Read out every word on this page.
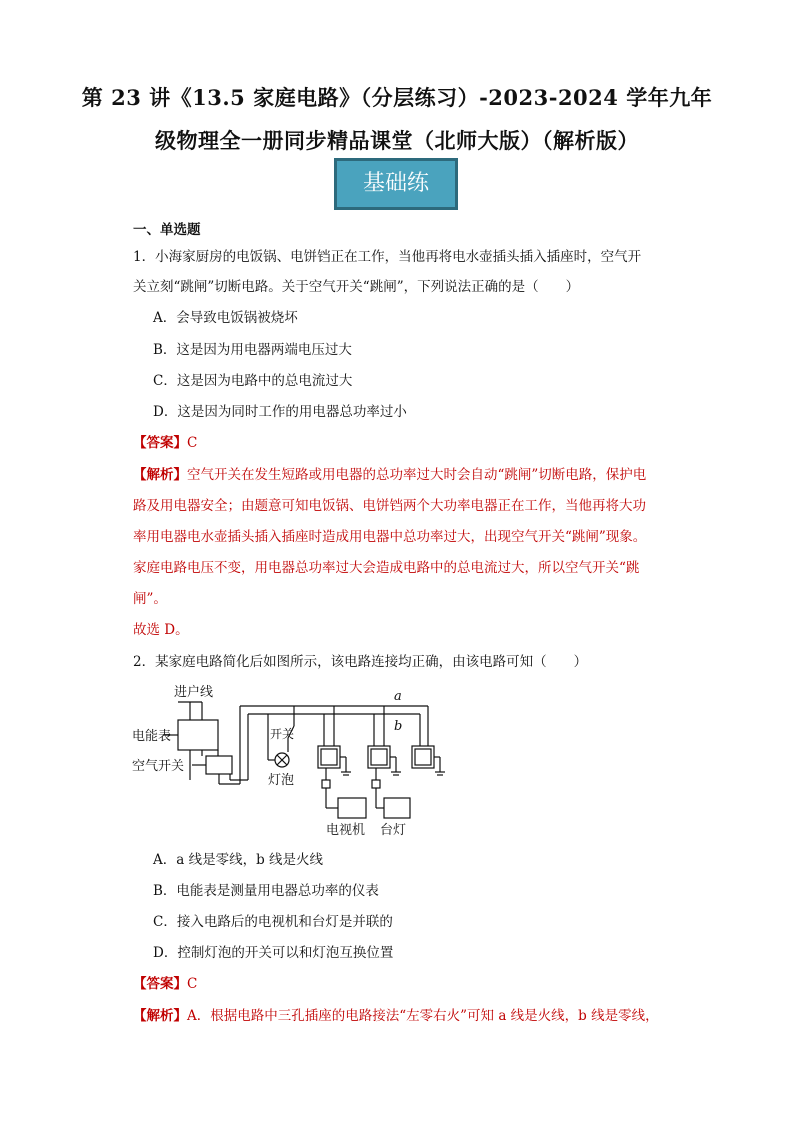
第 23 讲《13.5 家庭电路》（分层练习）-2023-2024 学年九年
级物理全一册同步精品课堂（北师大版）（解析版）
基础练
一、单选题
1．小海家厨房的电饭锅、电饼铛正在工作，当他再将电水壶插头插入插座时，空气开
关立刻“跳闸”切断电路。关于空气开关“跳闸”，下列说法正确的是（　　）
A．会导致电饭锅被烧坏
B．这是因为用电器两端电压过大
C．这是因为电路中的总电流过大
D．这是因为同时工作的用电器总功率过小
【答案】C
【解析】空气开关在发生短路或用电器的总功率过大时会自动“跳闸”切断电路，保护电
路及用电器安全；由题意可知电饭锅、电饼铛两个大功率电器正在工作，当他再将大功
率用电器电水壶插头插入插座时造成用电器中总功率过大，出现空气开关“跳闸”现象。
家庭电路电压不变，用电器总功率过大会造成电路中的总电流过大，所以空气开关“跳
闸”。
故选 D。
2．某家庭电路简化后如图所示，该电路连接均正确，由该电路可知（　　）
进户线
电能表
空气开关
开关
灯泡
a
b
电视机 台灯
A．a 线是零线，b 线是火线
B．电能表是测量用电器总功率的仪表
C．接入电路后的电视机和台灯是并联的
D．控制灯泡的开关可以和灯泡互换位置
【答案】C
【解析】A．根据电路中三孔插座的电路接法“左零右火”可知 a 线是火线，b 线是零线，
